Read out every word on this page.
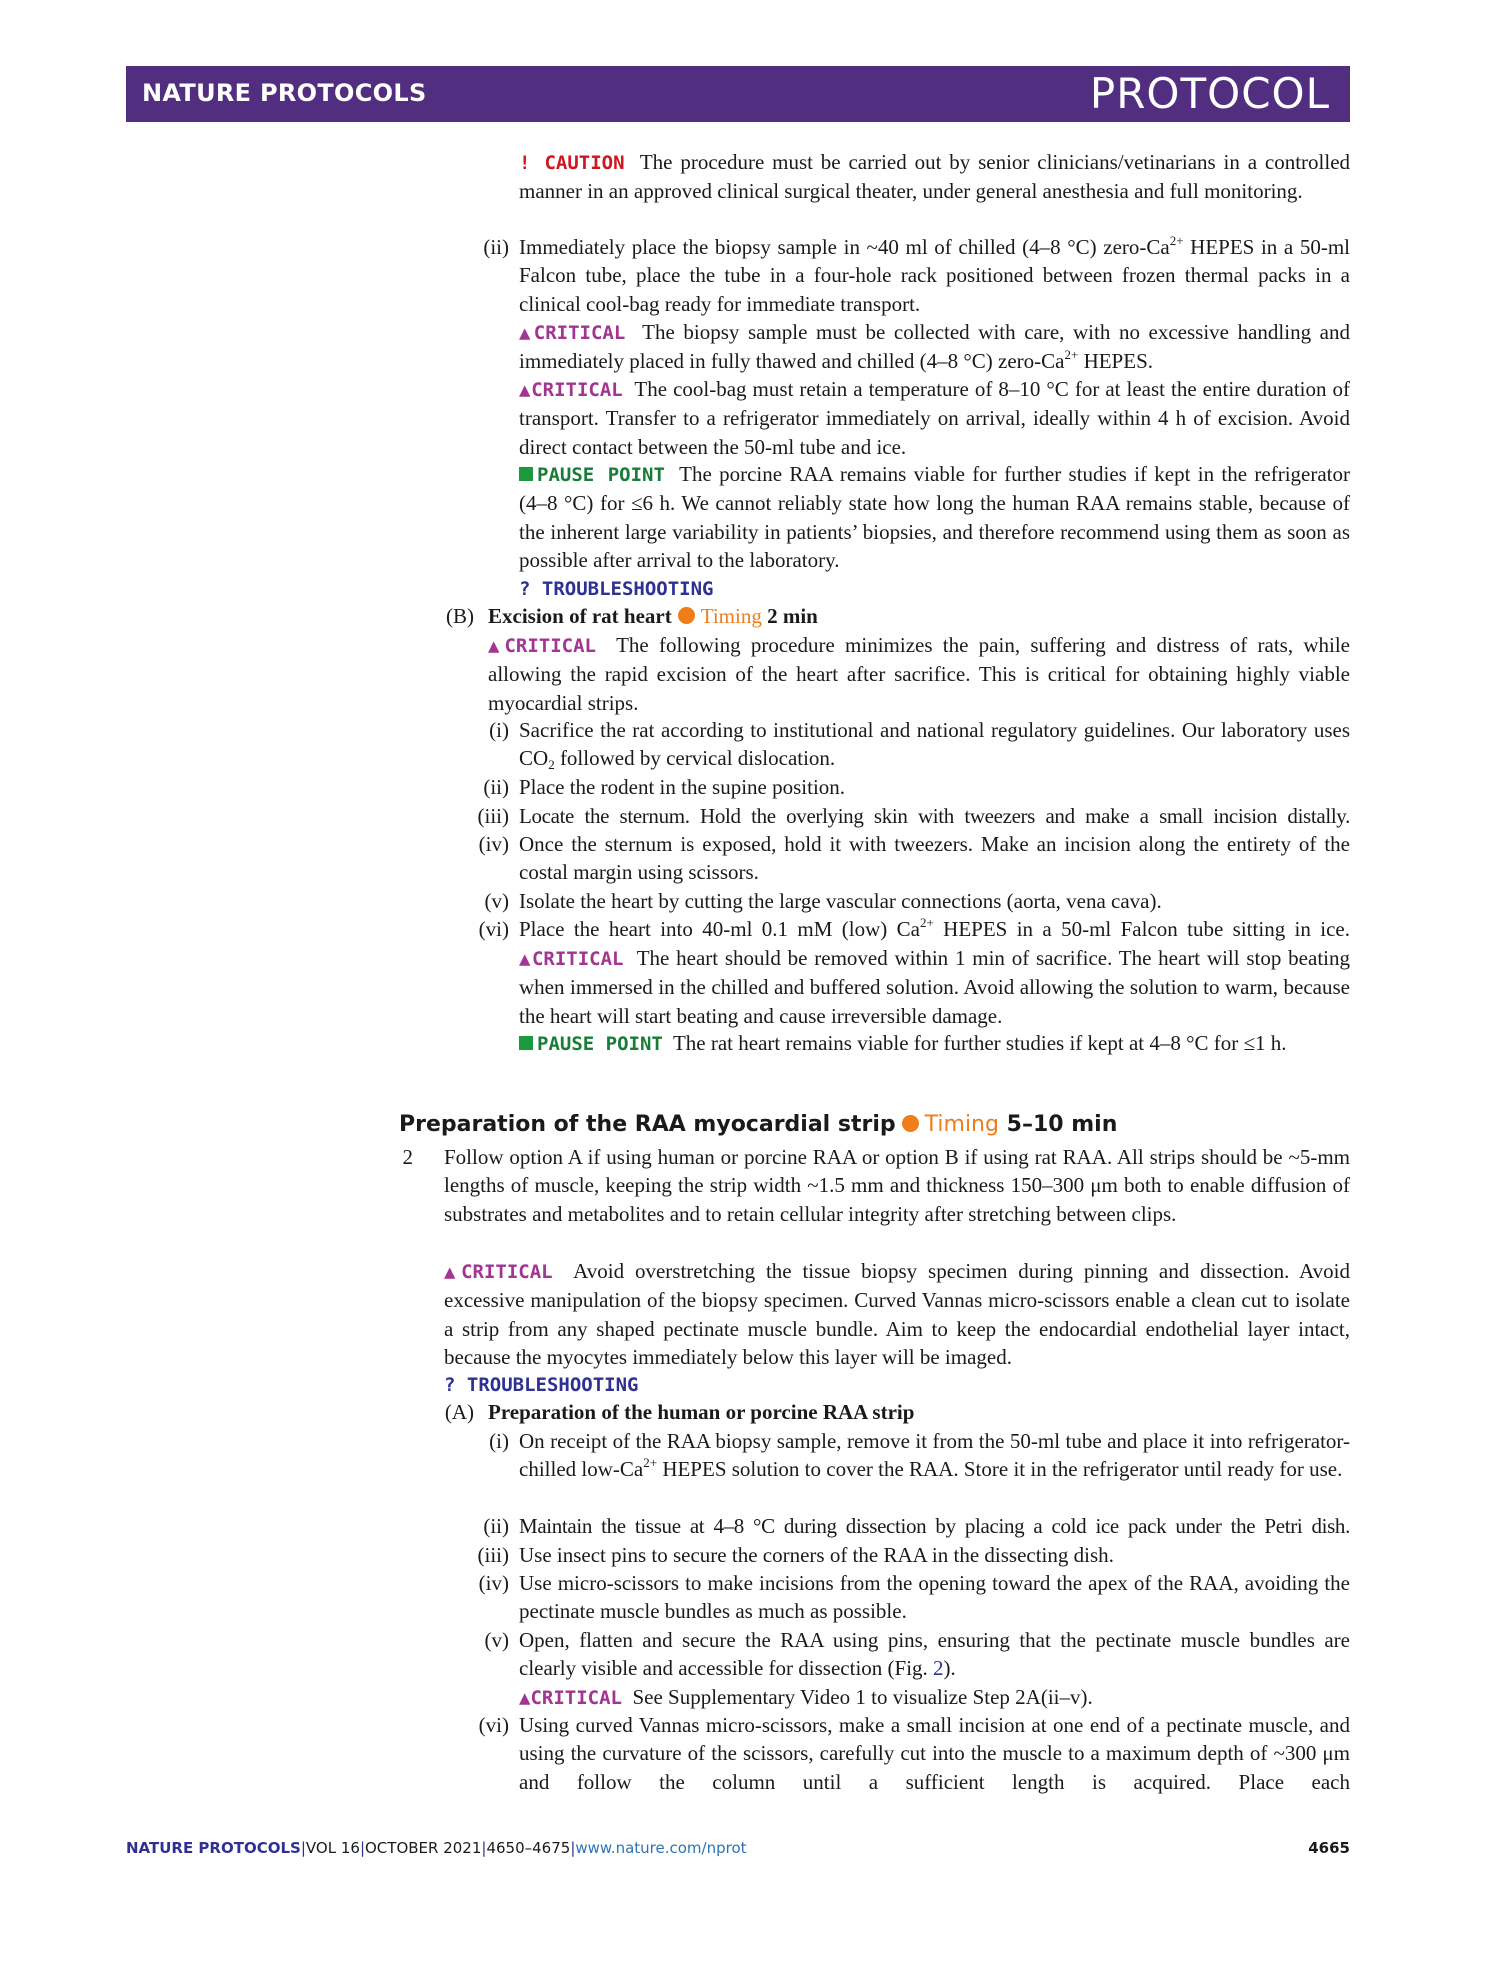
NATURE PROTOCOLS	PROTOCOL

! CAUTION The procedure must be carried out by senior clinicians/vetinarians in a controlled manner in an approved clinical surgical theater, under general anesthesia and full monitoring.

(ii) Immediately place the biopsy sample in ~40 ml of chilled (4–8 °C) zero-$Ca^{2+}$ HEPES in a 50-ml Falcon tube, place the tube in a four-hole rack positioned between frozen thermal packs in a clinical cool-bag ready for immediate transport.

▲CRITICAL The biopsy sample must be collected with care, with no excessive handling and immediately placed in fully thawed and chilled (4–8 °C) zero-$Ca^{2+}$ HEPES.

▲CRITICAL The cool-bag must retain a temperature of 8–10 °C for at least the entire duration of transport. Transfer to a refrigerator immediately on arrival, ideally within 4 h of excision. Avoid direct contact between the 50-ml tube and ice.

PAUSE POINT The porcine RAA remains viable for further studies if kept in the refrigerator (4–8 °C) for ≤6 h. We cannot reliably state how long the human RAA remains stable, because of the inherent large variability in patients’ biopsies, and therefore recommend using them as soon as possible after arrival to the laboratory.

? TROUBLESHOOTING

(B) Excision of rat heart Timing 2 min

▲CRITICAL The following procedure minimizes the pain, suffering and distress of rats, while allowing the rapid excision of the heart after sacrifice. This is critical for obtaining highly viable myocardial strips.

(i) Sacrifice the rat according to institutional and national regulatory guidelines. Our laboratory uses $CO_2$ followed by cervical dislocation.

(ii) Place the rodent in the supine position.

(iii) Locate the sternum. Hold the overlying skin with tweezers and make a small incision distally.

(iv) Once the sternum is exposed, hold it with tweezers. Make an incision along the entirety of the costal margin using scissors.

(v) Isolate the heart by cutting the large vascular connections (aorta, vena cava).

(vi) Place the heart into 40-ml 0.1 mM (low) $Ca^{2+}$ HEPES in a 50-ml Falcon tube sitting in ice.

▲CRITICAL The heart should be removed within 1 min of sacrifice. The heart will stop beating when immersed in the chilled and buffered solution. Avoid allowing the solution to warm, because the heart will start beating and cause irreversible damage.

PAUSE POINT The rat heart remains viable for further studies if kept at 4–8 °C for ≤1 h.

Preparation of the RAA myocardial strip Timing 5–10 min
2 Follow option A if using human or porcine RAA or option B if using rat RAA. All strips should be ~5-mm lengths of muscle, keeping the strip width ~1.5 mm and thickness 150–300 μm both to enable diffusion of substrates and metabolites and to retain cellular integrity after stretching between clips.

▲CRITICAL Avoid overstretching the tissue biopsy specimen during pinning and dissection. Avoid excessive manipulation of the biopsy specimen. Curved Vannas micro-scissors enable a clean cut to isolate a strip from any shaped pectinate muscle bundle. Aim to keep the endocardial endothelial layer intact, because the myocytes immediately below this layer will be imaged.

? TROUBLESHOOTING

(A) Preparation of the human or porcine RAA strip

(i) On receipt of the RAA biopsy sample, remove it from the 50-ml tube and place it into refrigerator-chilled low-$Ca^{2+}$ HEPES solution to cover the RAA. Store it in the refrigerator until ready for use.

(ii) Maintain the tissue at 4–8 °C during dissection by placing a cold ice pack under the Petri dish.

(iii) Use insect pins to secure the corners of the RAA in the dissecting dish.

(iv) Use micro-scissors to make incisions from the opening toward the apex of the RAA, avoiding the pectinate muscle bundles as much as possible.

(v) Open, flatten and secure the RAA using pins, ensuring that the pectinate muscle bundles are clearly visible and accessible for dissection (Fig. 2).

▲CRITICAL See Supplementary Video 1 to visualize Step 2A(ii–v).

(vi) Using curved Vannas micro-scissors, make a small incision at one end of a pectinate muscle, and using the curvature of the scissors, carefully cut into the muscle to a maximum depth of ~300 μm and follow the column until a sufficient length is acquired. Place each

NATURE PROTOCOLS|VOL 16|OCTOBER 2021|4650–4675|www.nature.com/nprot	4665
